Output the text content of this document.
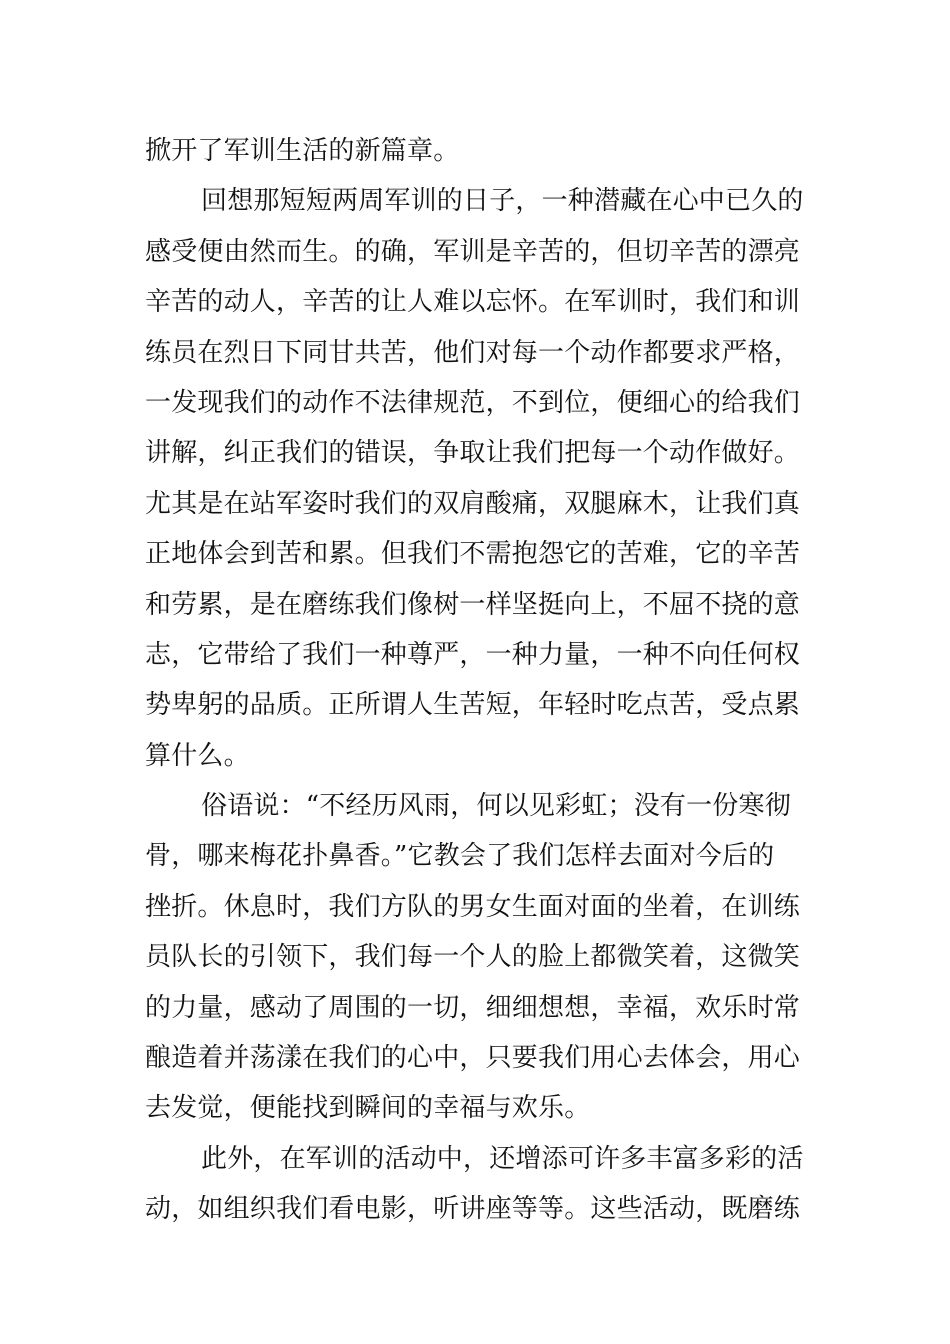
掀开了军训生活的新篇章。
回想那短短两周军训的日子，一种潜藏在心中已久的
感受便由然而生。的确，军训是辛苦的，但切辛苦的漂亮
辛苦的动人，辛苦的让人难以忘怀。在军训时，我们和训
练员在烈日下同甘共苦，他们对每一个动作都要求严格，
一发现我们的动作不法律规范，不到位，便细心的给我们
讲解，纠正我们的错误，争取让我们把每一个动作做好。
尤其是在站军姿时我们的双肩酸痛，双腿麻木，让我们真
正地体会到苦和累。但我们不需抱怨它的苦难，它的辛苦
和劳累，是在磨练我们像树一样坚挺向上，不屈不挠的意
志，它带给了我们一种尊严，一种力量，一种不向任何权
势卑躬的品质。正所谓人生苦短，年轻时吃点苦，受点累
算什么。
俗语说：“不经历风雨，何以见彩虹；没有一份寒彻
骨，哪来梅花扑鼻香。”它教会了我们怎样去面对今后的
挫折。休息时，我们方队的男女生面对面的坐着，在训练
员队长的引领下，我们每一个人的脸上都微笑着，这微笑
的力量，感动了周围的一切，细细想想，幸福，欢乐时常
酿造着并荡漾在我们的心中，只要我们用心去体会，用心
去发觉，便能找到瞬间的幸福与欢乐。
此外，在军训的活动中，还增添可许多丰富多彩的活
动，如组织我们看电影，听讲座等等。这些活动，既磨练
